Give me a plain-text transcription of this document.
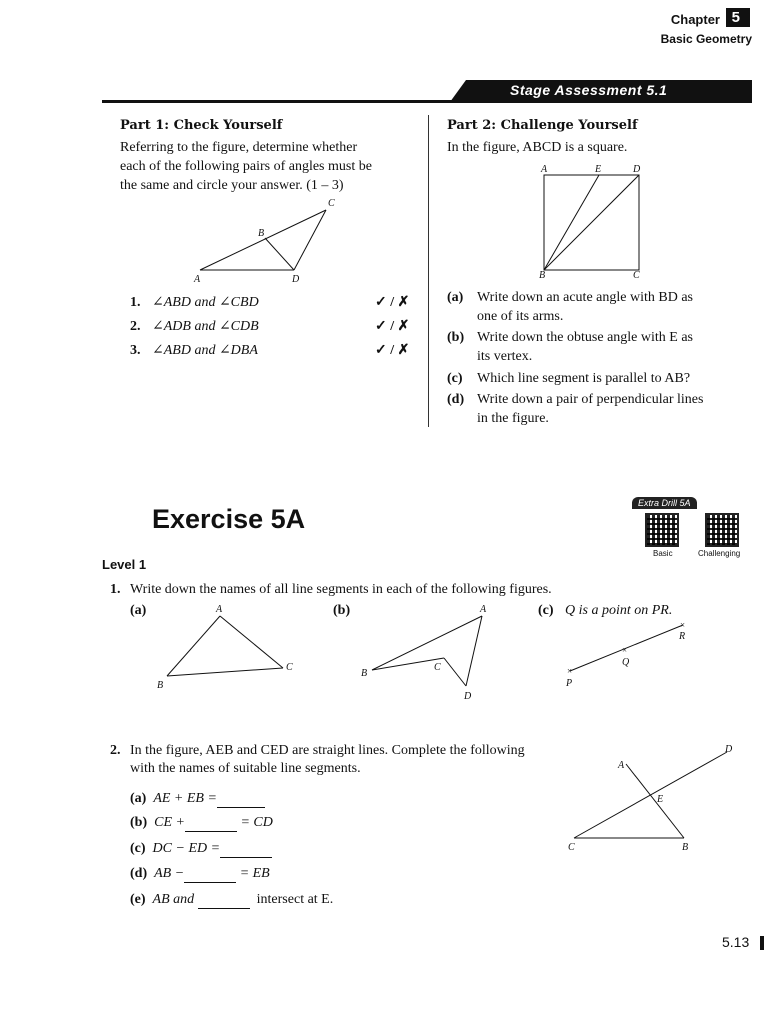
Chapter 5
Basic Geometry
Stage Assessment 5.1
Part 1: Check Yourself
Referring to the figure, determine whether
each of the following pairs of angles must be
the same and circle your answer. (1 – 3)
A
B
C
D
1. ∠ABD and ∠CBD	✓ / ✗
2. ∠ADB and ∠CDB	✓ / ✗
3. ∠ABD and ∠DBA	✓ / ✗
Part 2: Challenge Yourself
In the figure, ABCD is a square.
A	E	D
B	C
(a) Write down an acute angle with BD as
one of its arms.
(b) Write down the obtuse angle with E as
its vertex.
(c) Which line segment is parallel to AB?
(d) Write down a pair of perpendicular lines
in the figure.
Exercise 5A
Extra Drill 5A
Basic	Challenging
Level 1
1. Write down the names of all line segments in each of the following figures.
(a)	(b)	(c) Q is a point on PR.
A
B
C
A
B
C
D
×
×
×
P
Q
R
2. In the figure, AEB and CED are straight lines. Complete the following
with the names of suitable line segments.
(a) AE + EB =
(b) CE +	= CD
(c) DC − ED =
(d) AB −	= EB
(e) AB and	intersect at E.
A
B
C
D
E
5.13
